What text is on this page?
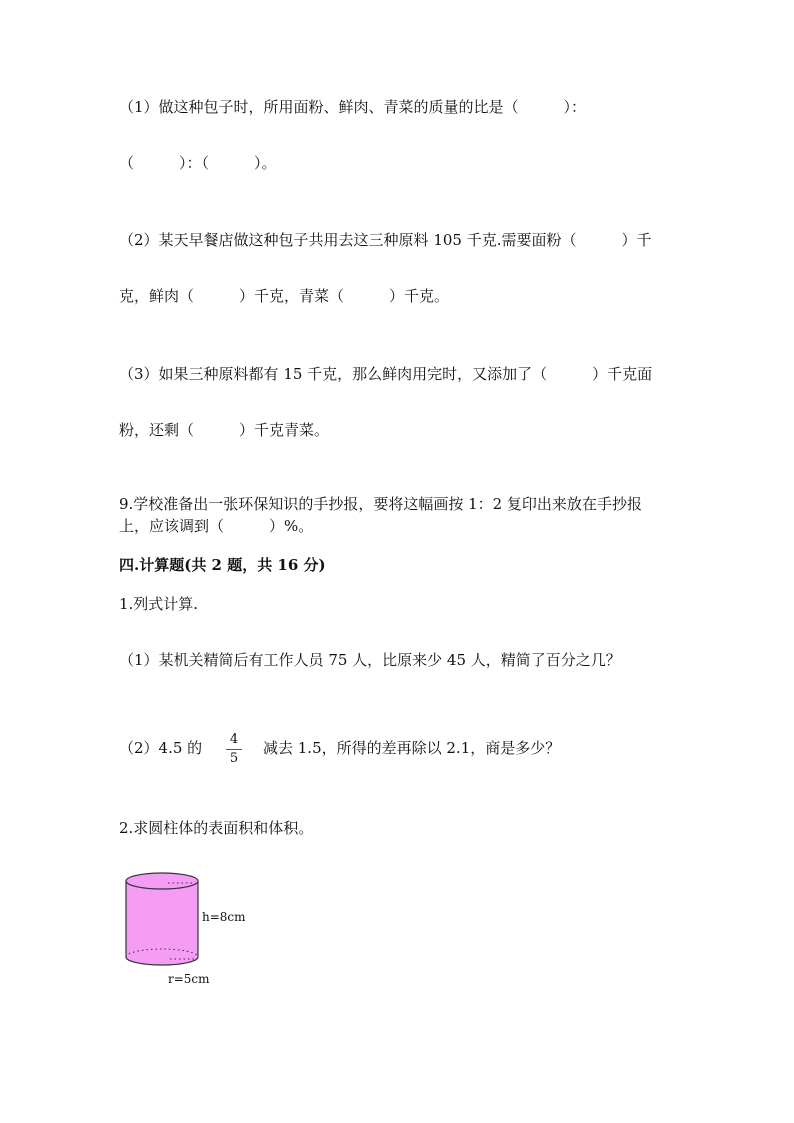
（1）做这种包子时，所用面粉、鲜肉、青菜的质量的比是（　　　）：
（　　　）：（　　　）。
（2）某天早餐店做这种包子共用去这三种原料 105 千克.需要面粉（　　　）千
克，鲜肉（　　　）千克，青菜（　　　）千克。
（3）如果三种原料都有 15 千克，那么鲜肉用完时，又添加了（　　　）千克面
粉，还剩（　　　）千克青菜。
9.学校准备出一张环保知识的手抄报，要将这幅画按 1：2 复印出来放在手抄报
上，应该调到（　　　）%。
四.计算题(共 2 题，共 16 分)
1.列式计算.
（1）某机关精简后有工作人员 75 人，比原来少 45 人，精简了百分之几？
（2）4.5 的 $\frac{4}{5}$ 减去 1.5，所得的差再除以 2.1，商是多少？
2.求圆柱体的表面积和体积。
h=8cm
r=5cm
